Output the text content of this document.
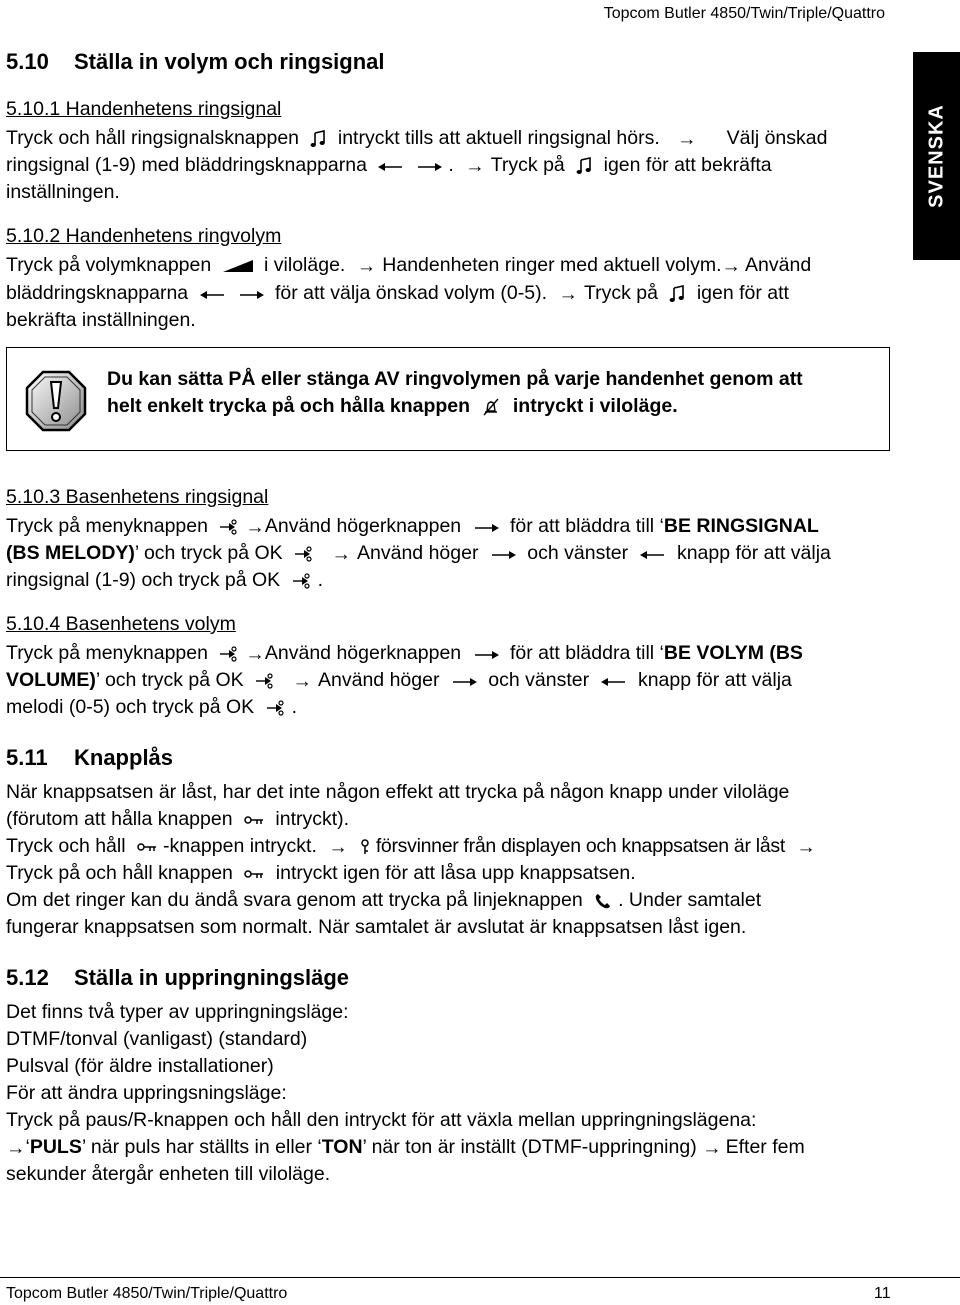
Topcom Butler 4850/Twin/Triple/Quattro
SVENSKA
5.10 Ställa in volym och ringsignal
5.10.1 Handenhetens ringsignal
Tryck och håll ringsignalsknappen intryckt tills att aktuell ringsignal hörs. → Välj önskad
ringsignal (1-9) med bläddringsknapparna	. → Tryck på igen för att bekräfta
inställningen.
5.10.2 Handenhetens ringvolym
Tryck på volymknappen	i viloläge. → Handenheten ringer med aktuell volym.→ Använd
bläddringsknapparna	för att välja önskad volym (0-5). → Tryck på igen för att
bekräfta inställningen.
Du kan sätta PÅ eller stänga AV ringvolymen på varje handenhet genom att
helt enkelt trycka på och hålla knappen intryckt i viloläge.
5.10.3 Basenhetens ringsignal
Tryck på menyknappen →Använd högerknappen	för att bläddra till ‘BE RINGSIGNAL
(BS MELODY)’ och tryck på OK	→ Använd höger	och vänster	knapp för att välja
ringsignal (1-9) och tryck på OK .
5.10.4 Basenhetens volym
Tryck på menyknappen →Använd högerknappen	för att bläddra till ‘BE VOLYM (BS
VOLUME)’ och tryck på OK	→ Använd höger	och vänster	knapp för att välja
melodi (0-5) och tryck på OK .
5.11 Knapplås
När knappsatsen är låst, har det inte någon effekt att trycka på någon knapp under viloläge
(förutom att hålla knappen intryckt).
Tryck och håll -knappen intryckt. → försvinner från displayen och knappsatsen är låst →
Tryck på och håll knappen intryckt igen för att låsa upp knappsatsen.
Om det ringer kan du ändå svara genom att trycka på linjeknappen . Under samtalet
fungerar knappsatsen som normalt. När samtalet är avslutat är knappsatsen låst igen.
5.12 Ställa in uppringningsläge
Det finns två typer av uppringningsläge:
DTMF/tonval (vanligast) (standard)
Pulsval (för äldre installationer)
För att ändra uppringsningsläge:
Tryck på paus/R-knappen och håll den intryckt för att växla mellan uppringningslägena:
→‘PULS’ när puls har ställts in eller ‘TON’ när ton är inställt (DTMF-uppringning) → Efter fem
sekunder återgår enheten till viloläge.
Topcom Butler 4850/Twin/Triple/Quattro	11
